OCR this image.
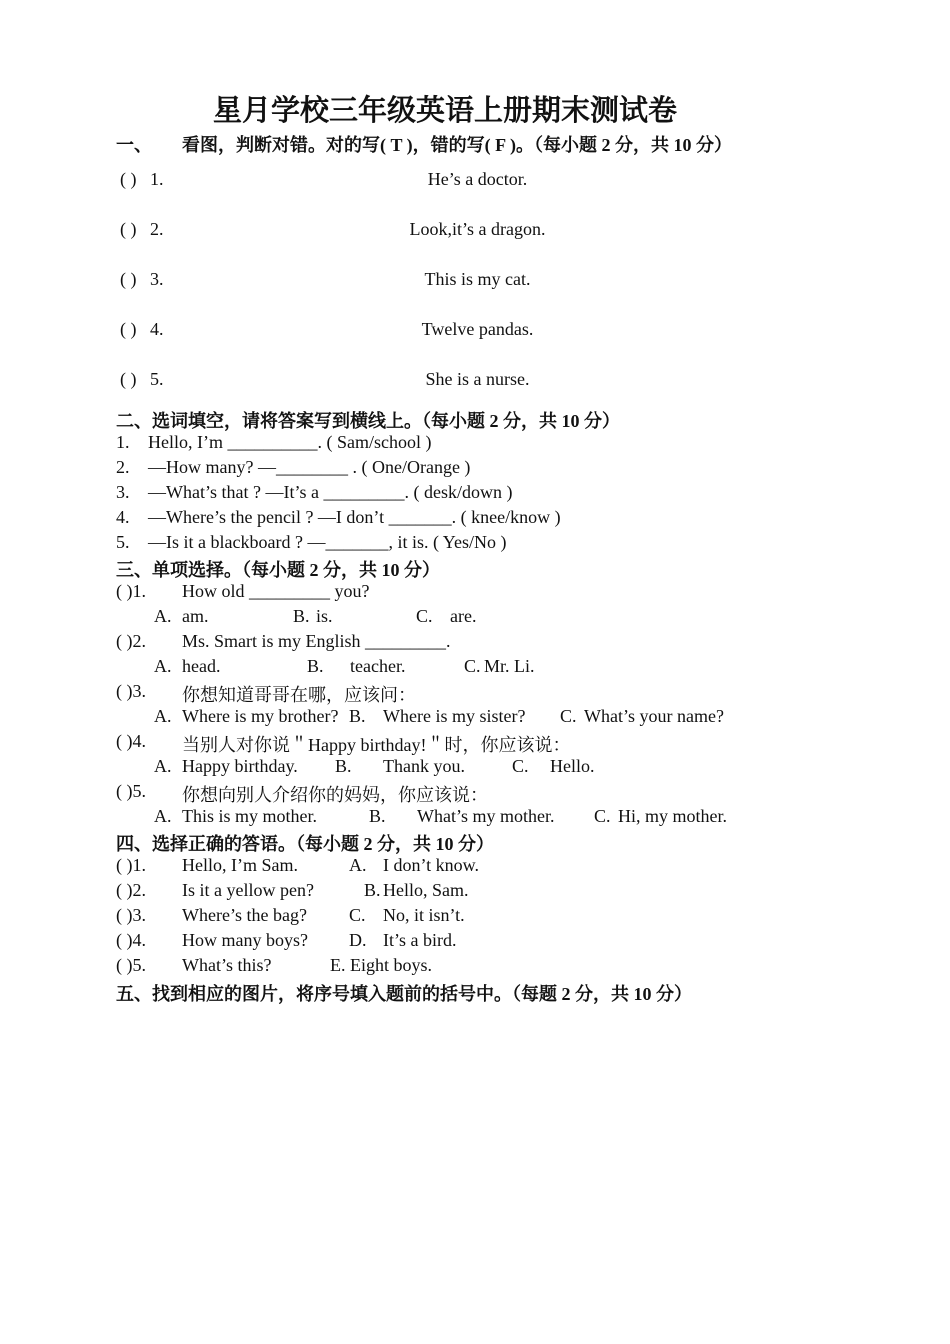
星月学校三年级英语上册期末测试卷
一、 看图，判断对错。对的写( T )，错的写( F )。（每小题 2 分，共 10 分）
( ) 1.	He’s a doctor.
( ) 2.	Look,it’s a dragon.
( ) 3.	This is my cat.
( ) 4.	Twelve pandas.
( ) 5.	She is a nurse.
二、选词填空，请将答案写到横线上。（每小题 2 分，共 10 分）
1. Hello, I’m __________. ( Sam/school )
2. —How many? —________ . ( One/Orange )
3. —What’s that ? —It’s a _________. ( desk/down )
4. —Where’s the pencil ? —I don’t _______. ( knee/know )
5. —Is it a blackboard ? —_______, it is. ( Yes/No )
三、单项选择。（每小题 2 分，共 10 分）
( )1. How old _________ you?
A. am.	B. is.	C. are.
( )2. Ms. Smart is my English _________.
A. head.	B. teacher.	C. Mr. Li.
( )3. 你想知道哥哥在哪，应该问：
A. Where is my brother? B. Where is my sister? C. What’s your name?
( )4. 当别人对你说＂Happy birthday!＂时，你应该说：
A. Happy birthday. B. Thank you.	C. Hello.
( )5. 你想向别人介绍你的妈妈，你应该说：
A. This is my mother.	B. What’s my mother. C. Hi, my mother.
四、选择正确的答语。（每小题 2 分，共 10 分）
( )1. Hello, I’m Sam.	A. I don’t know.
( )2. Is it a yellow pen?	B. Hello, Sam.
( )3. Where’s the bag? C. No, it isn’t.
( )4. How many boys? D. It’s a bird.
( )5. What’s this?	E. Eight boys.
五、找到相应的图片，将序号填入题前的括号中。（每题 2 分，共 10 分）
